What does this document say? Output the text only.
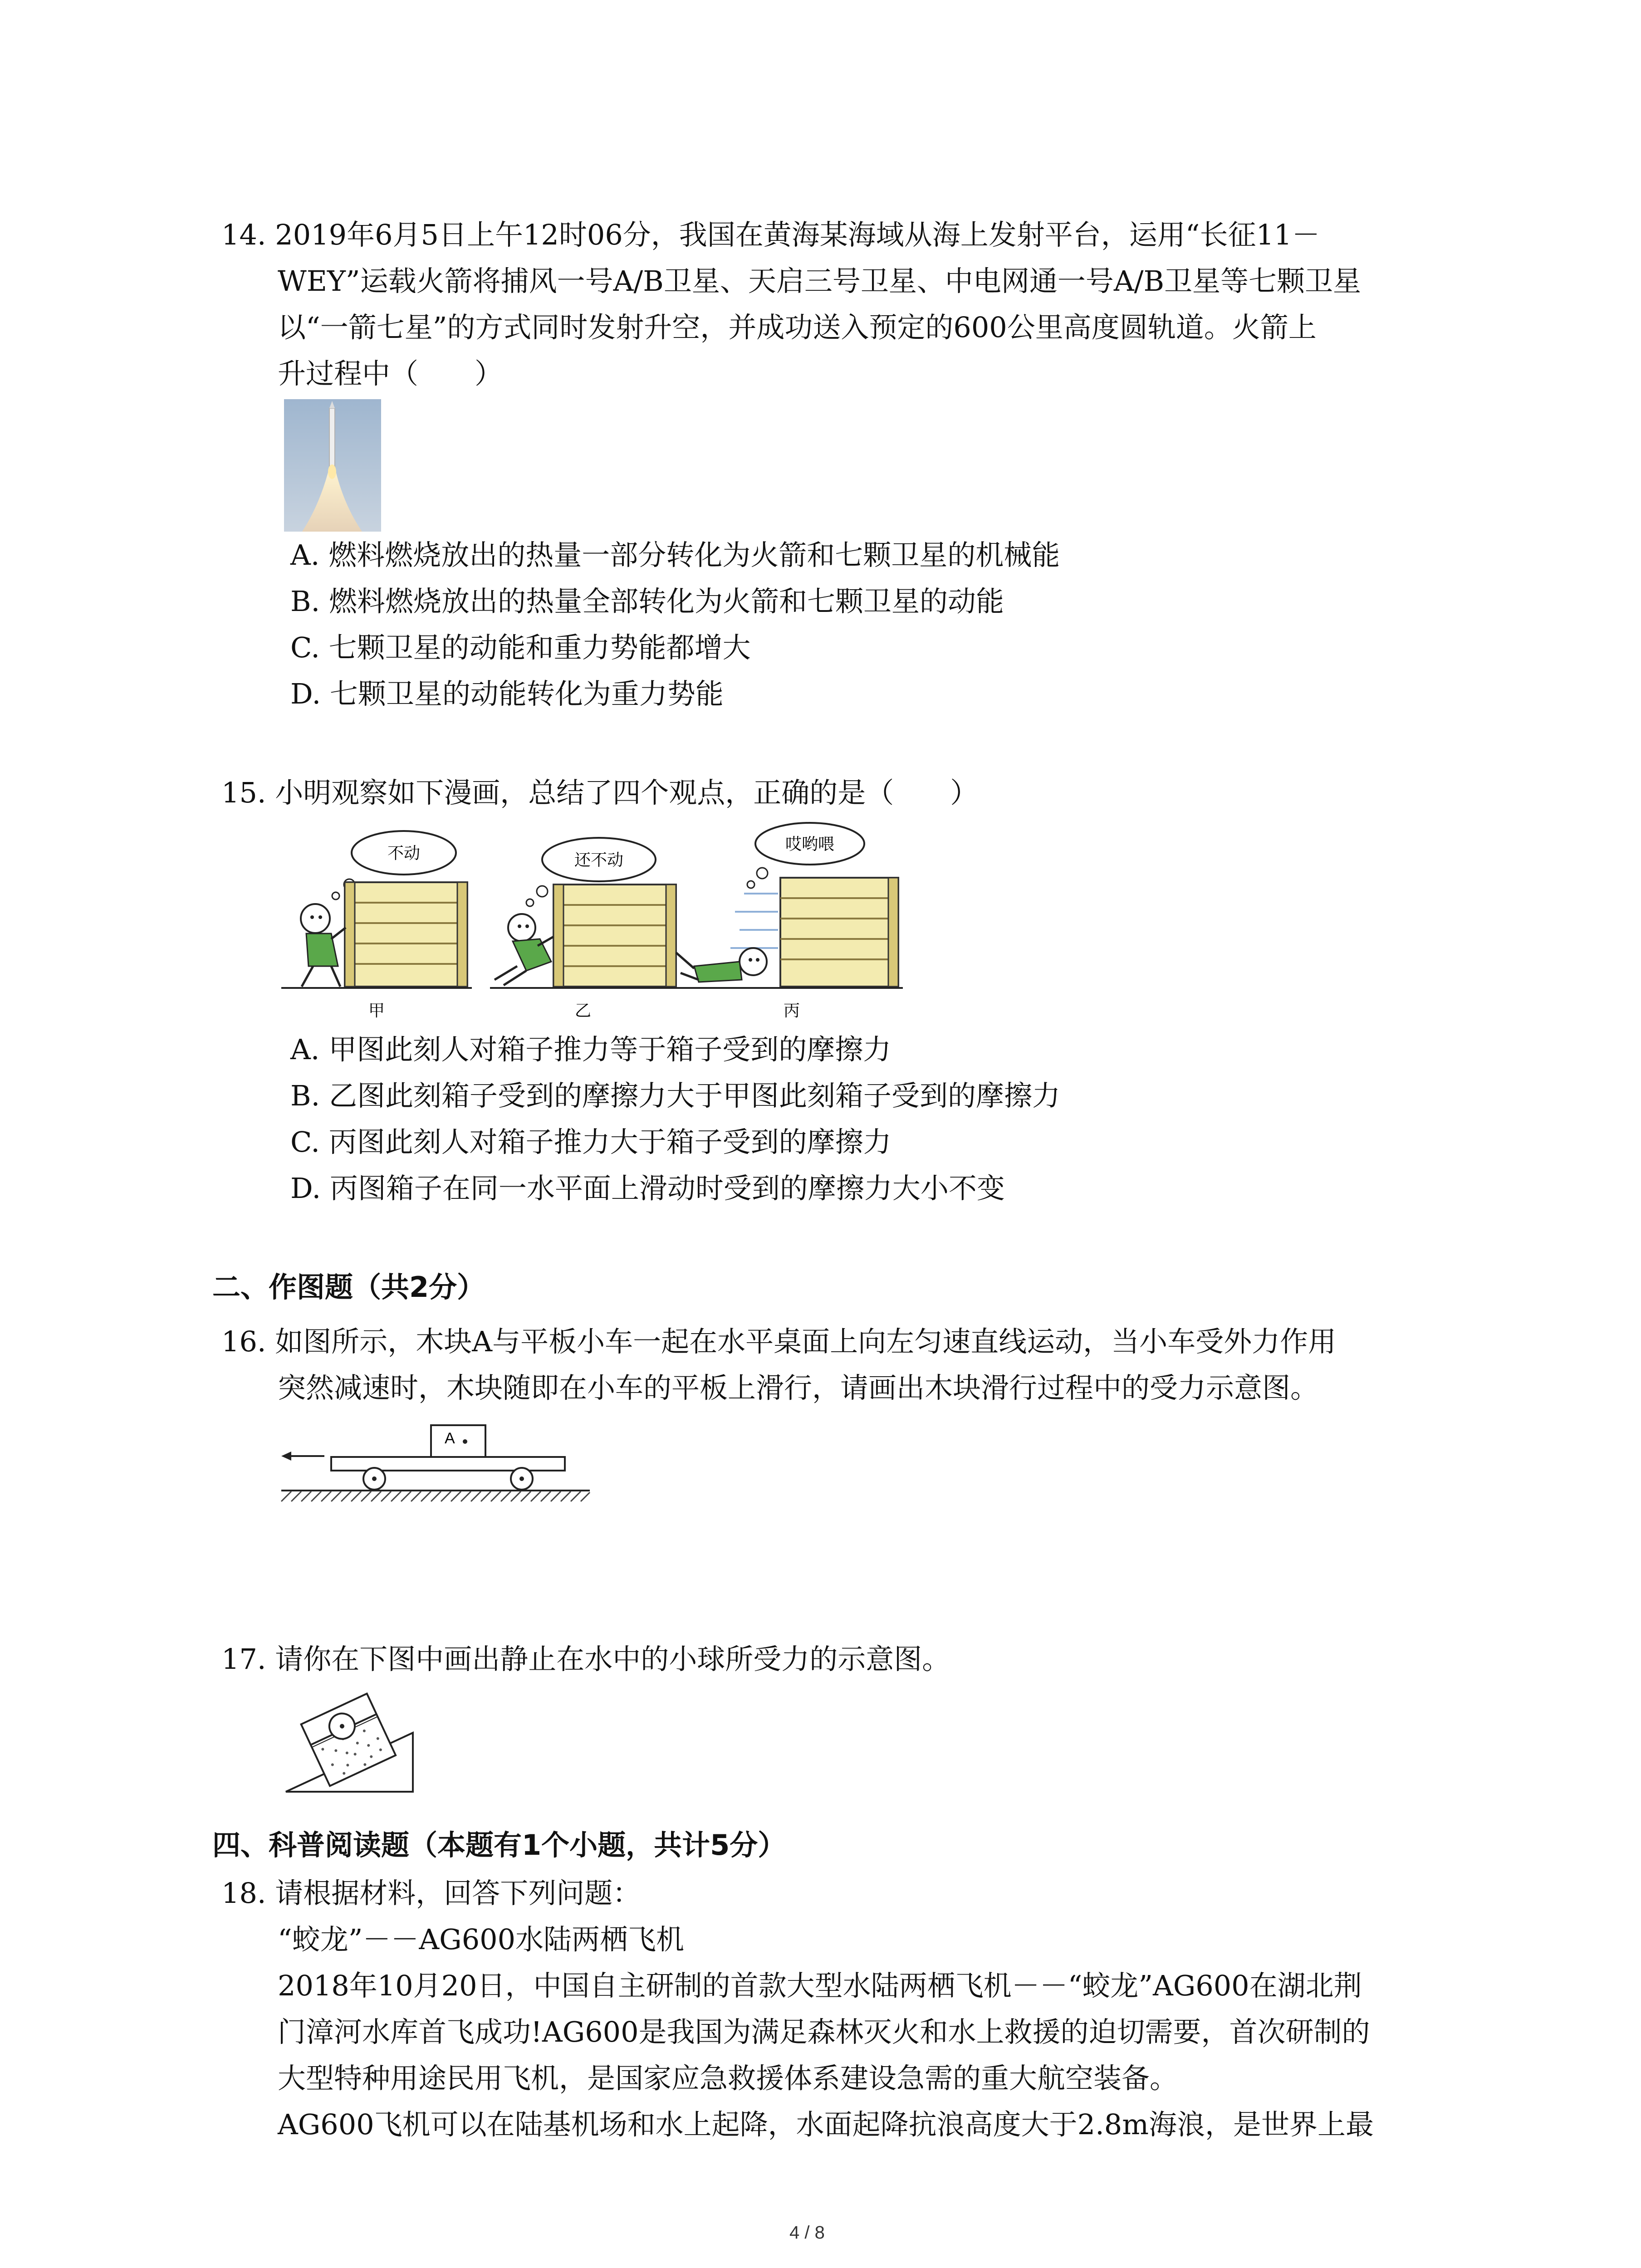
14. 2019年6月5日上午12时06分，我国在黄海某海域从海上发射平台，运用“长征11－
WEY”运载火箭将捕风一号A/B卫星、天启三号卫星、中电网通一号A/B卫星等七颗卫星
以“一箭七星”的方式同时发射升空，并成功送入预定的600公里高度圆轨道。火箭上
升过程中（　　）
A. 燃料燃烧放出的热量一部分转化为火箭和七颗卫星的机械能
B. 燃料燃烧放出的热量全部转化为火箭和七颗卫星的动能
C. 七颗卫星的动能和重力势能都增大
D. 七颗卫星的动能转化为重力势能
15. 小明观察如下漫画，总结了四个观点，正确的是（　　）
不动
甲
还不动
乙
哎哟喂
丙
A. 甲图此刻人对箱子推力等于箱子受到的摩擦力
B. 乙图此刻箱子受到的摩擦力大于甲图此刻箱子受到的摩擦力
C. 丙图此刻人对箱子推力大于箱子受到的摩擦力
D. 丙图箱子在同一水平面上滑动时受到的摩擦力大小不变
二、作图题（共2分）
16. 如图所示，木块A与平板小车一起在水平桌面上向左匀速直线运动，当小车受外力作用
突然减速时，木块随即在小车的平板上滑行，请画出木块滑行过程中的受力示意图。
A
17. 请你在下图中画出静止在水中的小球所受力的示意图。
四、科普阅读题（本题有1个小题，共计5分）
18. 请根据材料，回答下列问题：
“蛟龙”－－AG600水陆两栖飞机
2018年10月20日，中国自主研制的首款大型水陆两栖飞机－－“蛟龙”AG600在湖北荆
门漳河水库首飞成功!AG600是我国为满足森林灭火和水上救援的迫切需要，首次研制的
大型特种用途民用飞机，是国家应急救援体系建设急需的重大航空装备。
AG600飞机可以在陆基机场和水上起降，水面起降抗浪高度大于2.8m海浪，是世界上最
4 / 8
